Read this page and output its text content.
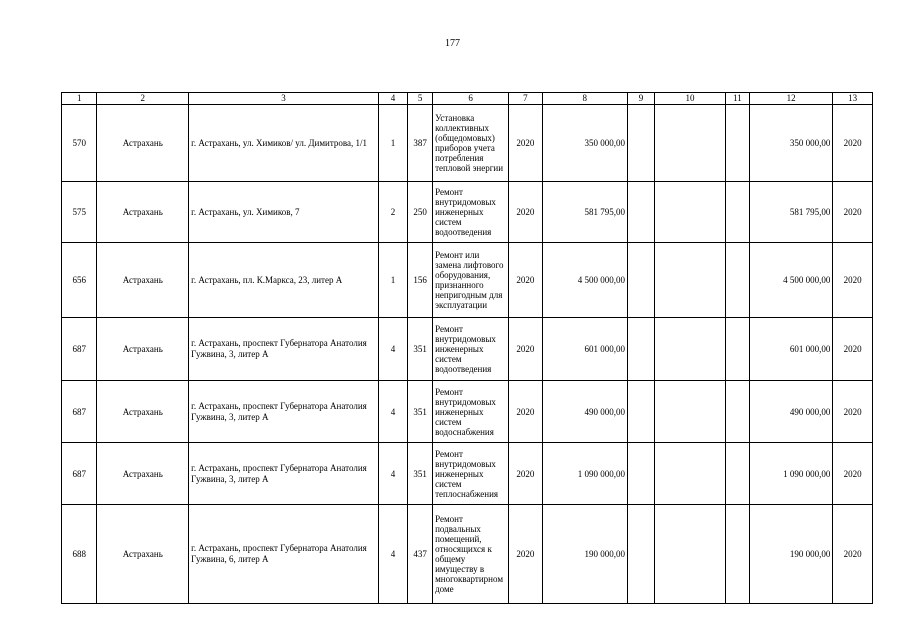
177
1	2	3	4	5	6	7	8	9	10	11	12	13
570	Астрахань	г. Астрахань, ул. Химиков/ ул. Димитрова, 1/1	1	387	Установка коллективных (общедомовых) приборов учета потребления тепловой энергии	2020	350 000,00				350 000,00	2020
575	Астрахань	г. Астрахань, ул. Химиков, 7	2	250	Ремонт внутридомовых инженерных систем водоотведения	2020	581 795,00				581 795,00	2020
656	Астрахань	г. Астрахань, пл. К.Маркса, 23, литер А	1	156	Ремонт или замена лифтового оборудования, признанного непригодным для эксплуатации	2020	4 500 000,00				4 500 000,00	2020
687	Астрахань	г. Астрахань, проспект Губернатора Анатолия Гужвина, 3, литер А	4	351	Ремонт внутридомовых инженерных систем водоотведения	2020	601 000,00				601 000,00	2020
687	Астрахань	г. Астрахань, проспект Губернатора Анатолия Гужвина, 3, литер А	4	351	Ремонт внутридомовых инженерных систем водоснабжения	2020	490 000,00				490 000,00	2020
687	Астрахань	г. Астрахань, проспект Губернатора Анатолия Гужвина, 3, литер А	4	351	Ремонт внутридомовых инженерных систем теплоснабжения	2020	1 090 000,00				1 090 000,00	2020
688	Астрахань	г. Астрахань, проспект Губернатора Анатолия Гужвина, 6, литер А	4	437	Ремонт подвальных помещений, относящихся к общему имуществу в многоквартирном доме	2020	190 000,00				190 000,00	2020
